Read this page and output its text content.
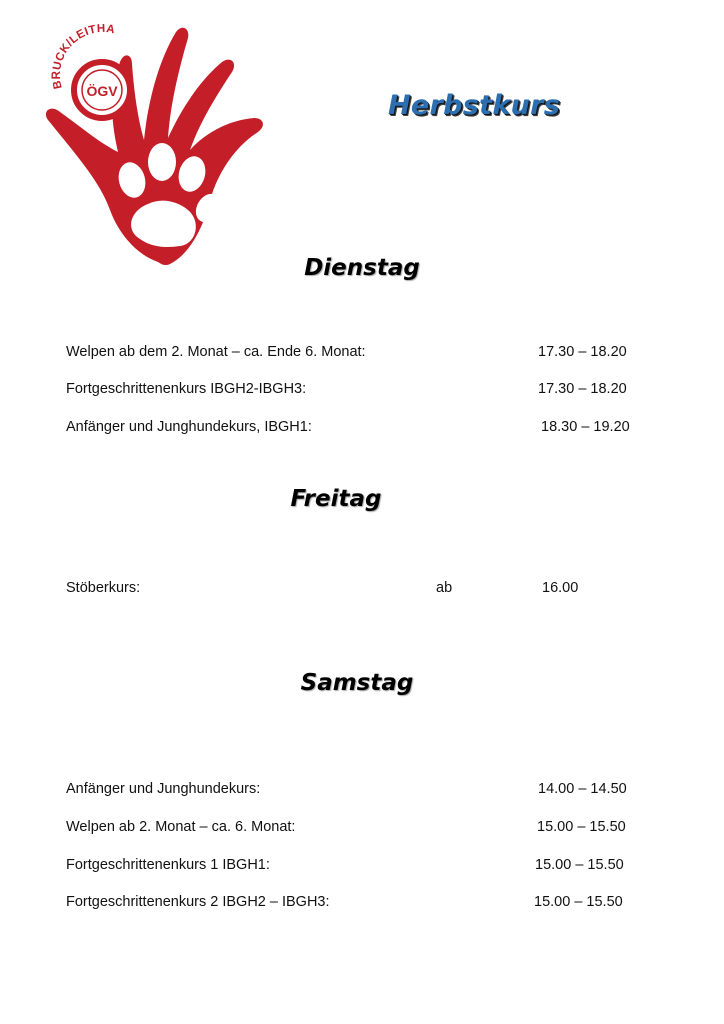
ÖGV
BRUCK/LEITHA
Herbstkurs
Dienstag
Welpen ab dem 2. Monat – ca. Ende 6. Monat:	17.30 – 18.20
Fortgeschrittenenkurs IBGH2-IBGH3:	17.30 – 18.20
Anfänger und Junghundekurs, IBGH1:	18.30 – 19.20
Freitag
Stöberkurs:	ab	16.00
Samstag
Anfänger und Junghundekurs:	14.00 – 14.50
Welpen ab 2. Monat – ca. 6. Monat:	15.00 – 15.50
Fortgeschrittenenkurs 1 IBGH1:	15.00 – 15.50
Fortgeschrittenenkurs 2 IBGH2 – IBGH3:	15.00 – 15.50
